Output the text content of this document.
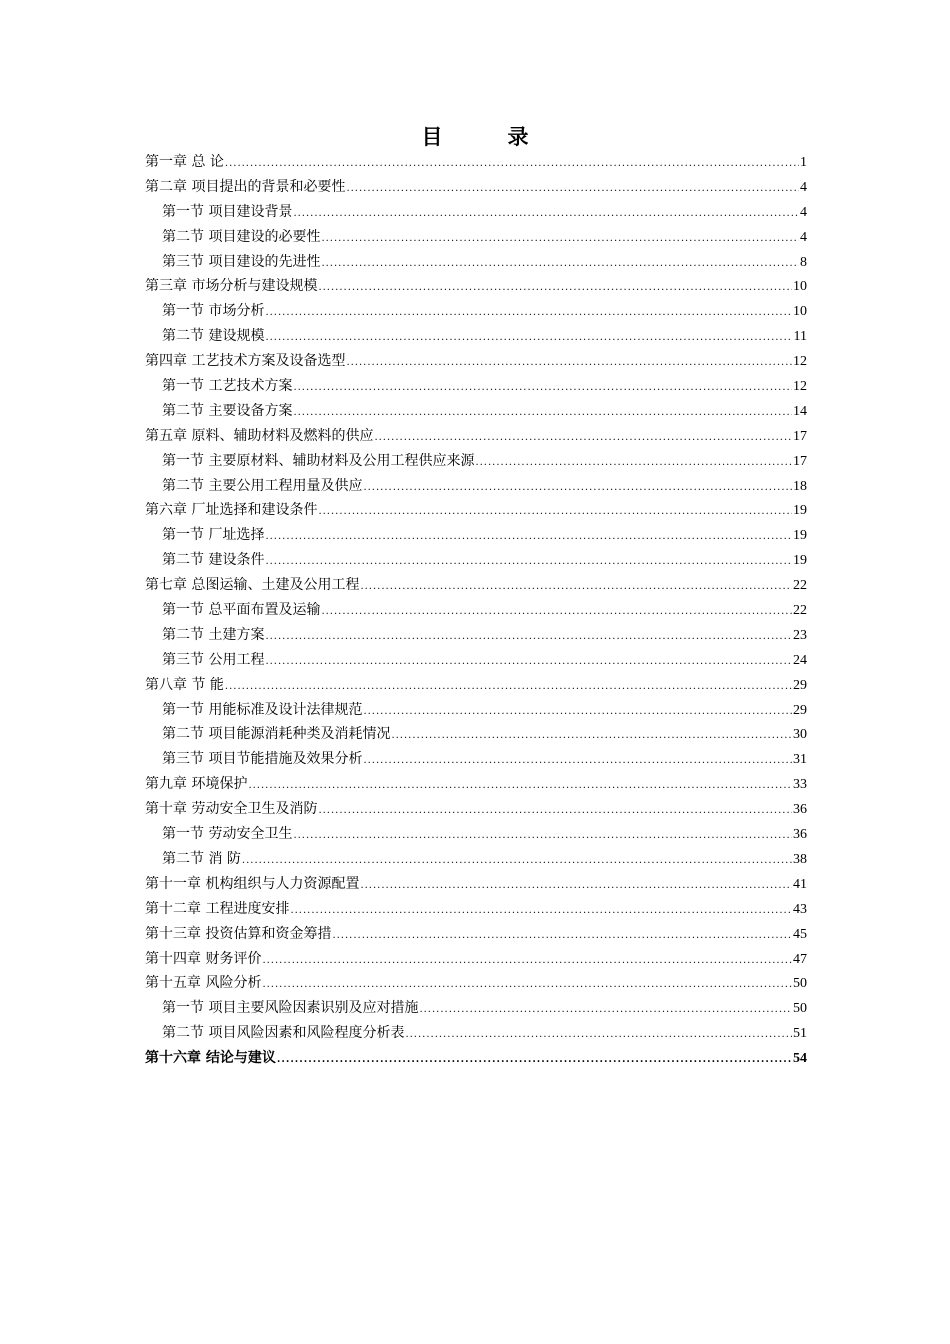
目　录
第一章 总 论 .....	1
第二章 项目提出的背景和必要性 .....	4
第一节 项目建设背景 .....	4
第二节 项目建设的必要性 .....	4
第三节 项目建设的先进性 .....	8
第三章 市场分析与建设规模 .....	10
第一节 市场分析 .....	10
第二节 建设规模 .....	11
第四章 工艺技术方案及设备选型 .....	12
第一节 工艺技术方案 .....	12
第二节 主要设备方案 .....	14
第五章 原料、辅助材料及燃料的供应 .....	17
第一节 主要原材料、辅助材料及公用工程供应来源 .....	17
第二节 主要公用工程用量及供应 .....	18
第六章 厂址选择和建设条件 .....	19
第一节 厂址选择 .....	19
第二节 建设条件 .....	19
第七章 总图运输、土建及公用工程 .....	22
第一节 总平面布置及运输 .....	22
第二节 土建方案 .....	23
第三节 公用工程 .....	24
第八章 节 能 .....	29
第一节 用能标准及设计法律规范 .....	29
第二节 项目能源消耗种类及消耗情况 .....	30
第三节 项目节能措施及效果分析 .....	31
第九章 环境保护 .....	33
第十章 劳动安全卫生及消防 .....	36
第一节 劳动安全卫生 .....	36
第二节 消 防 .....	38
第十一章 机构组织与人力资源配置 .....	41
第十二章 工程进度安排 .....	43
第十三章 投资估算和资金筹措 .....	45
第十四章 财务评价 .....	47
第十五章 风险分析 .....	50
第一节 项目主要风险因素识别及应对措施 .....	50
第二节 项目风险因素和风险程度分析表 .....	51
第十六章 结论与建议 .....	54
